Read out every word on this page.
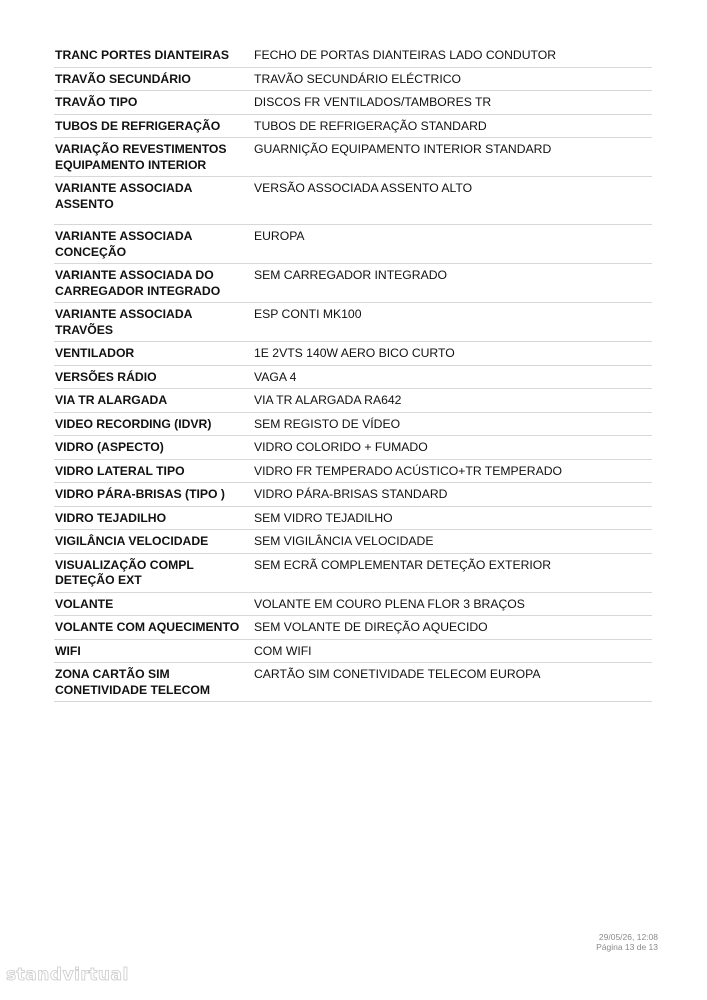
TRANC PORTES DIANTEIRAS	FECHO DE PORTAS DIANTEIRAS LADO CONDUTOR
TRAVÃO SECUNDÁRIO	TRAVÃO SECUNDÁRIO ELÉCTRICO
TRAVÃO TIPO	DISCOS FR VENTILADOS/TAMBORES TR
TUBOS DE REFRIGERAÇÃO	TUBOS DE REFRIGERAÇÃO STANDARD
VARIAÇÃO REVESTIMENTOS EQUIPAMENTO INTERIOR	GUARNIÇÃO EQUIPAMENTO INTERIOR STANDARD
VARIANTE ASSOCIADA ASSENTO	VERSÃO ASSOCIADA ASSENTO ALTO
VARIANTE ASSOCIADA CONCEÇÃO	EUROPA
VARIANTE ASSOCIADA DO CARREGADOR INTEGRADO	SEM CARREGADOR INTEGRADO
VARIANTE ASSOCIADA TRAVÕES	ESP CONTI MK100
VENTILADOR	1E 2VTS 140W AERO BICO CURTO
VERSÕES RÁDIO	VAGA 4
VIA TR ALARGADA	VIA TR ALARGADA RA642
VIDEO RECORDING (IDVR)	SEM REGISTO DE VÍDEO
VIDRO (ASPECTO)	VIDRO COLORIDO + FUMADO
VIDRO LATERAL TIPO	VIDRO FR TEMPERADO ACÚSTICO+TR TEMPERADO
VIDRO PÁRA-BRISAS (TIPO )	VIDRO PÁRA-BRISAS STANDARD
VIDRO TEJADILHO	SEM VIDRO TEJADILHO
VIGILÂNCIA VELOCIDADE	SEM VIGILÂNCIA VELOCIDADE
VISUALIZAÇÃO COMPL DETEÇÃO EXT	SEM ECRÃ COMPLEMENTAR DETEÇÃO EXTERIOR
VOLANTE	VOLANTE EM COURO PLENA FLOR 3 BRAÇOS
VOLANTE COM AQUECIMENTO	SEM VOLANTE DE DIREÇÃO AQUECIDO
WIFI	COM WIFI
ZONA CARTÃO SIM CONETIVIDADE TELECOM	CARTÃO SIM CONETIVIDADE TELECOM EUROPA
29/05/26, 12:08
Página 13 de 13
standvirtual
